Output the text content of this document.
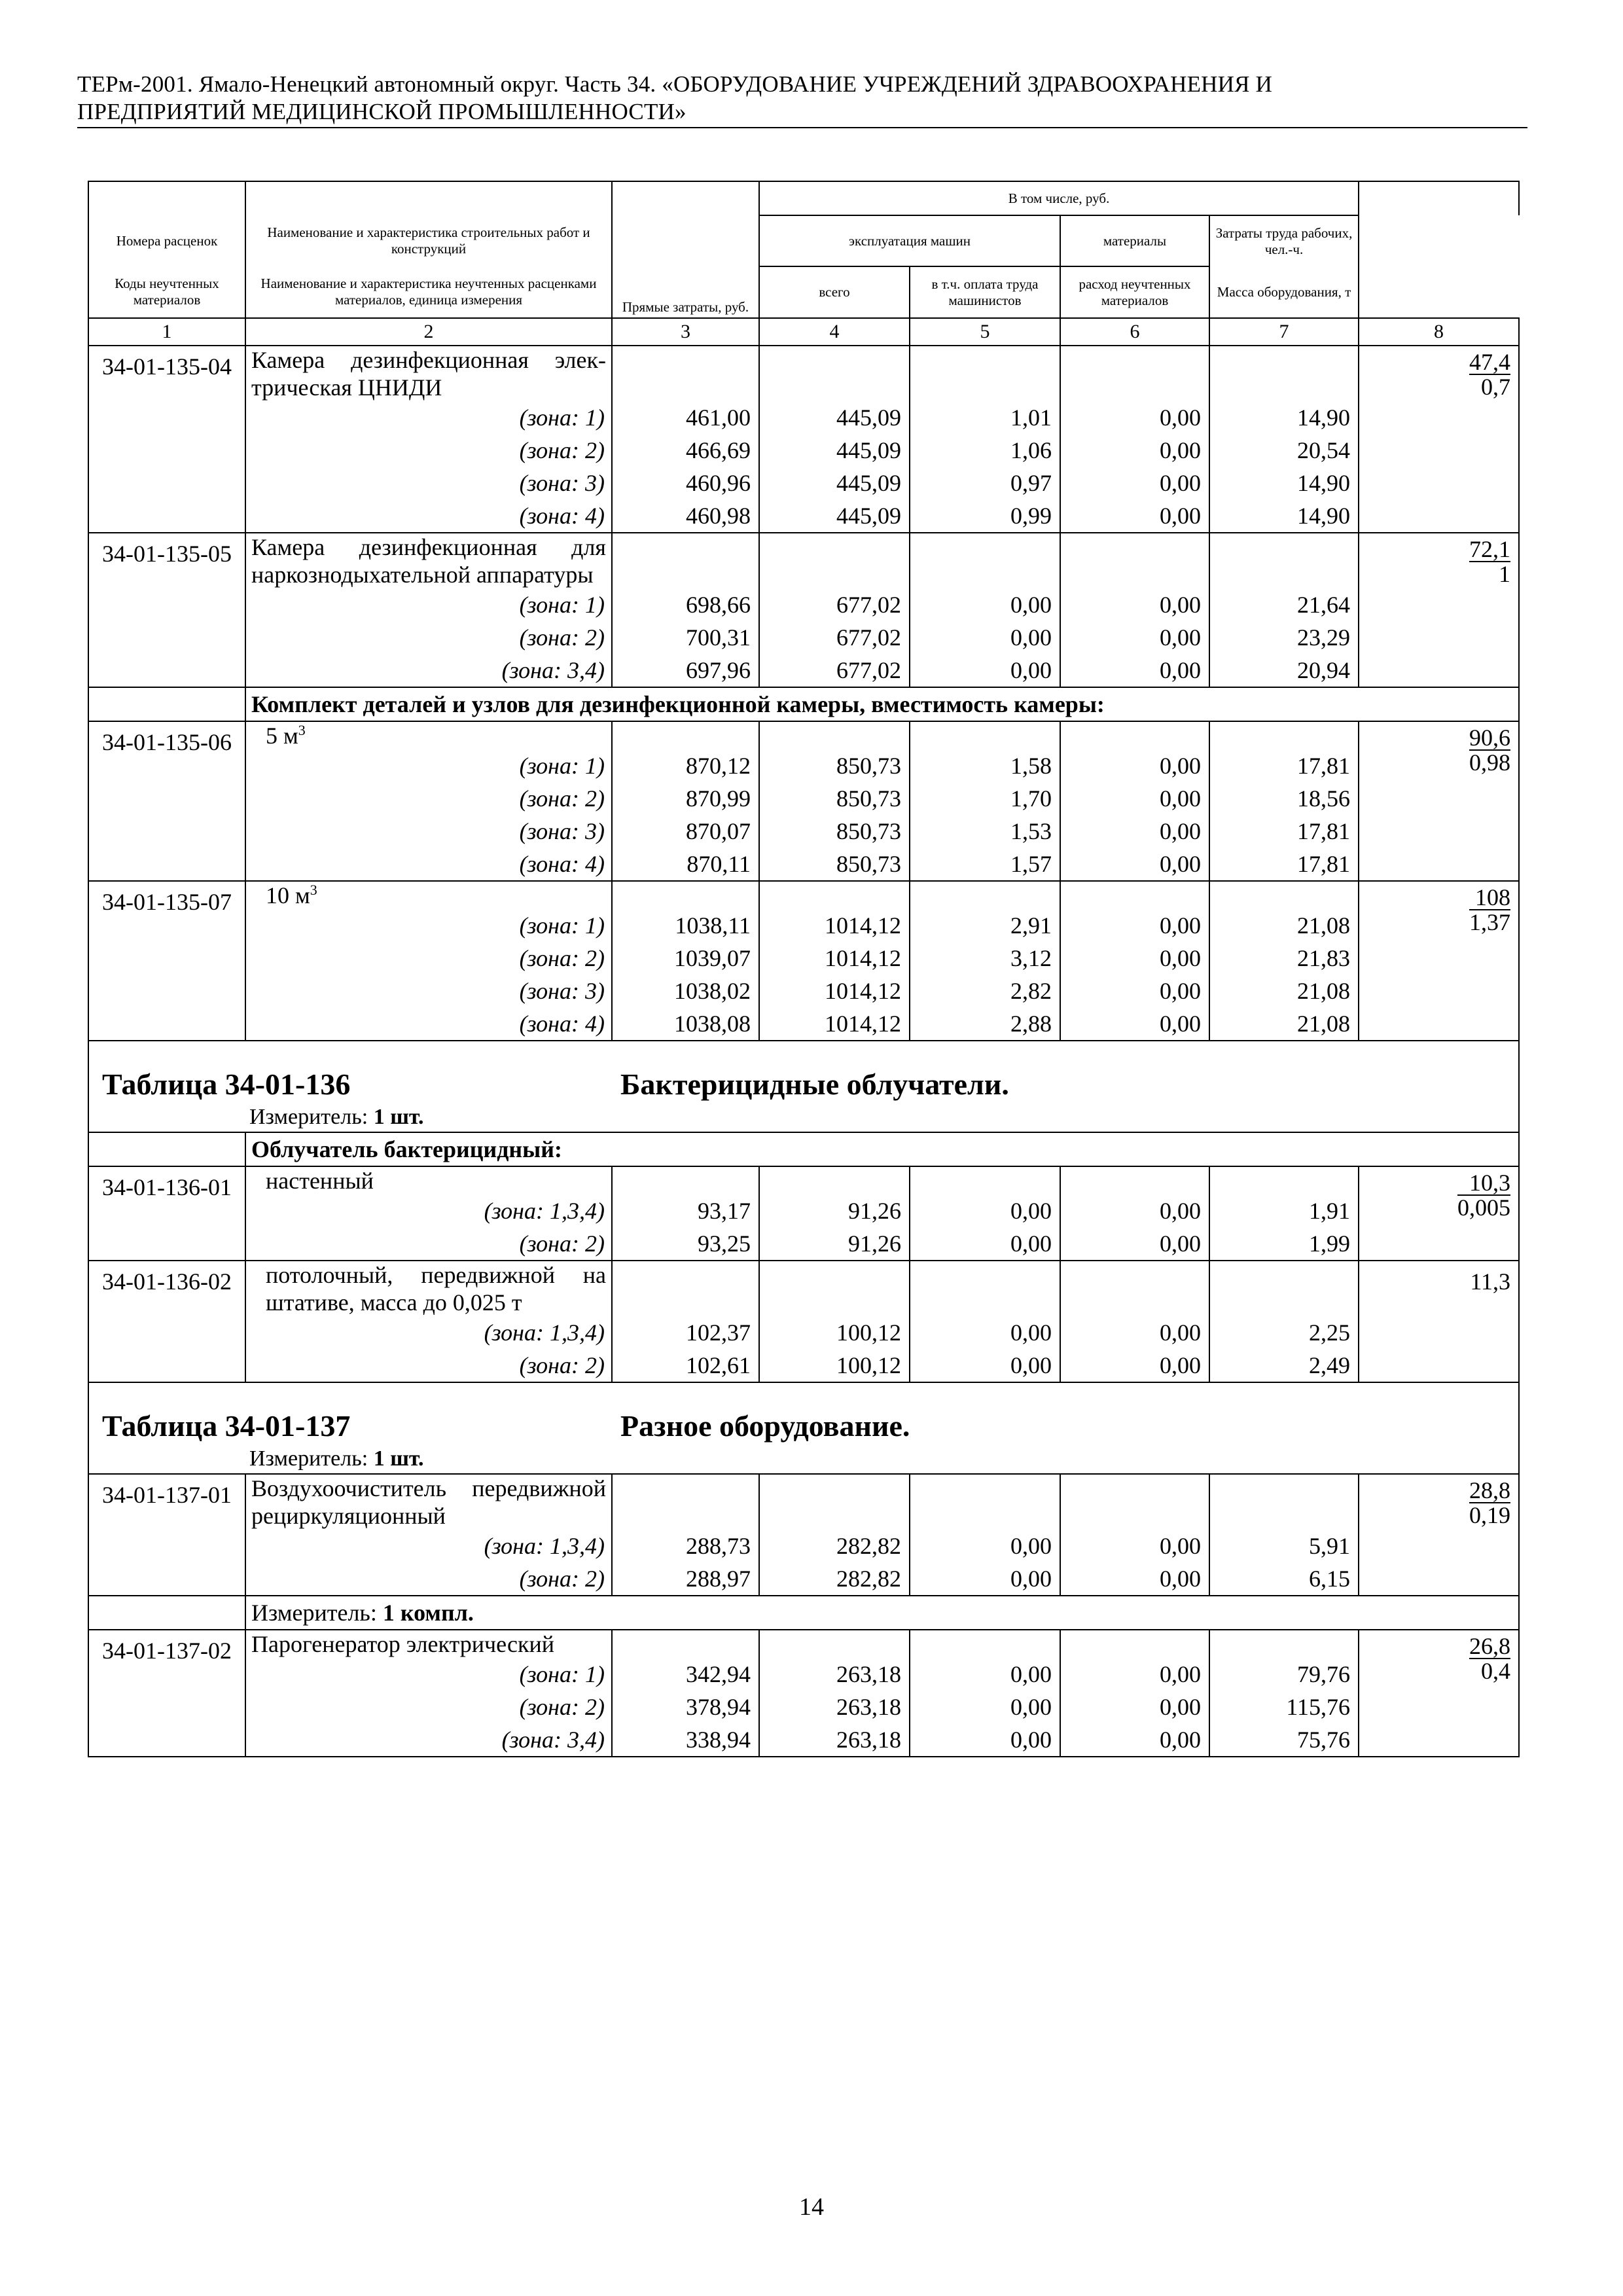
ТЕРм-2001. Ямало-Ненецкий автономный округ. Часть 34. «ОБОРУДОВАНИЕ УЧРЕЖДЕНИЙ ЗДРАВООХРАНЕНИЯ И
ПРЕДПРИЯТИЙ МЕДИЦИНСКОЙ ПРОМЫШЛЕННОСТИ»
		Прямые затраты, руб.	В том числе, руб.				
Номера расценок	Наименование и характеристика строительных работ и конструкций		эксплуатация машин		материалы	Затраты труда рабочих, чел.-ч.	
Коды неучтенных материалов	Наименование и характеристика неучтенных расценками материалов, единица измерения		всего	в т.ч. оплата труда машинистов	расход неучтенных материалов	Масса оборудования, т	
1	2	3	4	5	6	7	8
34-01-135-04	Камера дезинфекционная электрическая ЦНИДИ						$\frac{47,4}{0,7}$

	(зона: 1)	461,00	445,09	1,01	0,00	14,90	
	(зона: 2)	466,69	445,09	1,06	0,00	20,54	
	(зона: 3)	460,96	445,09	0,97	0,00	14,90	
	(зона: 4)	460,98	445,09	0,99	0,00	14,90	
34-01-135-05	Камера дезинфекционная для наркознодыхательной аппаратуры						$\frac{72,1}{1}$

	(зона: 1)	698,66	677,02	0,00	0,00	21,64	
	(зона: 2)	700,31	677,02	0,00	0,00	23,29	
	(зона: 3,4)	697,96	677,02	0,00	0,00	20,94	
	Комплект деталей и узлов для дезинфекционной камеры, вместимость камеры:						
34-01-135-06	5 $м^3$						$\frac{90,6}{0,98}$

	(зона: 1)	870,12	850,73	1,58	0,00	17,81	
	(зона: 2)	870,99	850,73	1,70	0,00	18,56	
	(зона: 3)	870,07	850,73	1,53	0,00	17,81	
	(зона: 4)	870,11	850,73	1,57	0,00	17,81	
34-01-135-07	10 $м^3$						$\frac{108}{1,37}$

	(зона: 1)	1038,11	1014,12	2,91	0,00	21,08	
	(зона: 2)	1039,07	1014,12	3,12	0,00	21,83	
	(зона: 3)	1038,02	1014,12	2,82	0,00	21,08	
	(зона: 4)	1038,08	1014,12	2,88	0,00	21,08	

Таблица 34-01-136 Бактерицидные облучатели.
Измеритель: 1 шт.							

	Облучатель бактерицидный:						
34-01-136-01	настенный						$\frac{10,3}{0,005}$

	(зона: 1,3,4)	93,17	91,26	0,00	0,00	1,91	
	(зона: 2)	93,25	91,26	0,00	0,00	1,99	
34-01-136-02	потолочный, передвижной на штативе, масса до 0,025 т						11,3
	(зона: 1,3,4)	102,37	100,12	0,00	0,00	2,25	
	(зона: 2)	102,61	100,12	0,00	0,00	2,49	

Таблица 34-01-137 Разное оборудование.
Измеритель: 1 шт.							

34-01-137-01	Воздухоочиститель передвижной рециркуляционный						$\frac{28,8}{0,19}$

	(зона: 1,3,4)	288,73	282,82	0,00	0,00	5,91	
	(зона: 2)	288,97	282,82	0,00	0,00	6,15	
	Измеритель: 1 компл.						
34-01-137-02	Парогенератор электрический						$\frac{26,8}{0,4}$

	(зона: 1)	342,94	263,18	0,00	0,00	79,76	
	(зона: 2)	378,94	263,18	0,00	0,00	115,76	
	(зона: 3,4)	338,94	263,18	0,00	0,00	75,76	
14
